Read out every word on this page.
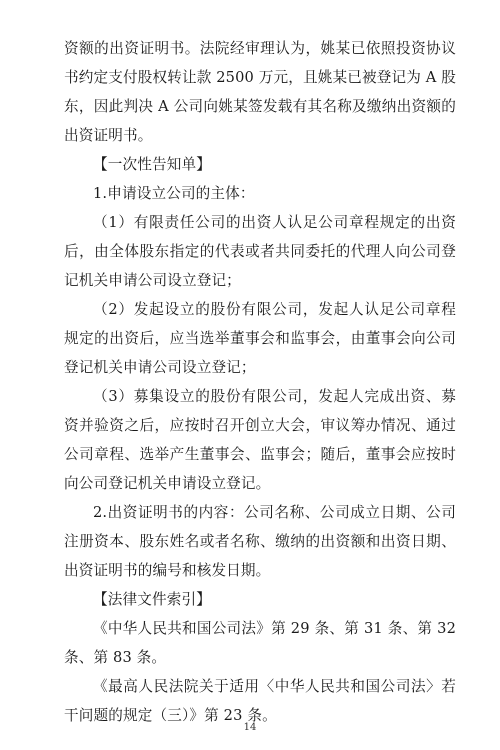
资额的出资证明书。法院经审理认为，姚某已依照投资协议书约定支付股权转让款 2500 万元，且姚某已被登记为 A 股东，因此判决 A 公司向姚某签发载有其名称及缴纳出资额的出资证明书。

【一次性告知单】

1.申请设立公司的主体：

（1）有限责任公司的出资人认足公司章程规定的出资后，由全体股东指定的代表或者共同委托的代理人向公司登记机关申请公司设立登记；

（2）发起设立的股份有限公司，发起人认足公司章程规定的出资后，应当选举董事会和监事会，由董事会向公司登记机关申请公司设立登记；

（3）募集设立的股份有限公司，发起人完成出资、募资并验资之后，应按时召开创立大会，审议筹办情况、通过公司章程、选举产生董事会、监事会；随后，董事会应按时向公司登记机关申请设立登记。

2.出资证明书的内容：公司名称、公司成立日期、公司注册资本、股东姓名或者名称、缴纳的出资额和出资日期、出资证明书的编号和核发日期。

【法律文件索引】

《中华人民共和国公司法》第 29 条、第 31 条、第 32 条、第 83 条。

《最高人民法院关于适用〈中华人民共和国公司法〉若干问题的规定（三）》第 23 条。

14
